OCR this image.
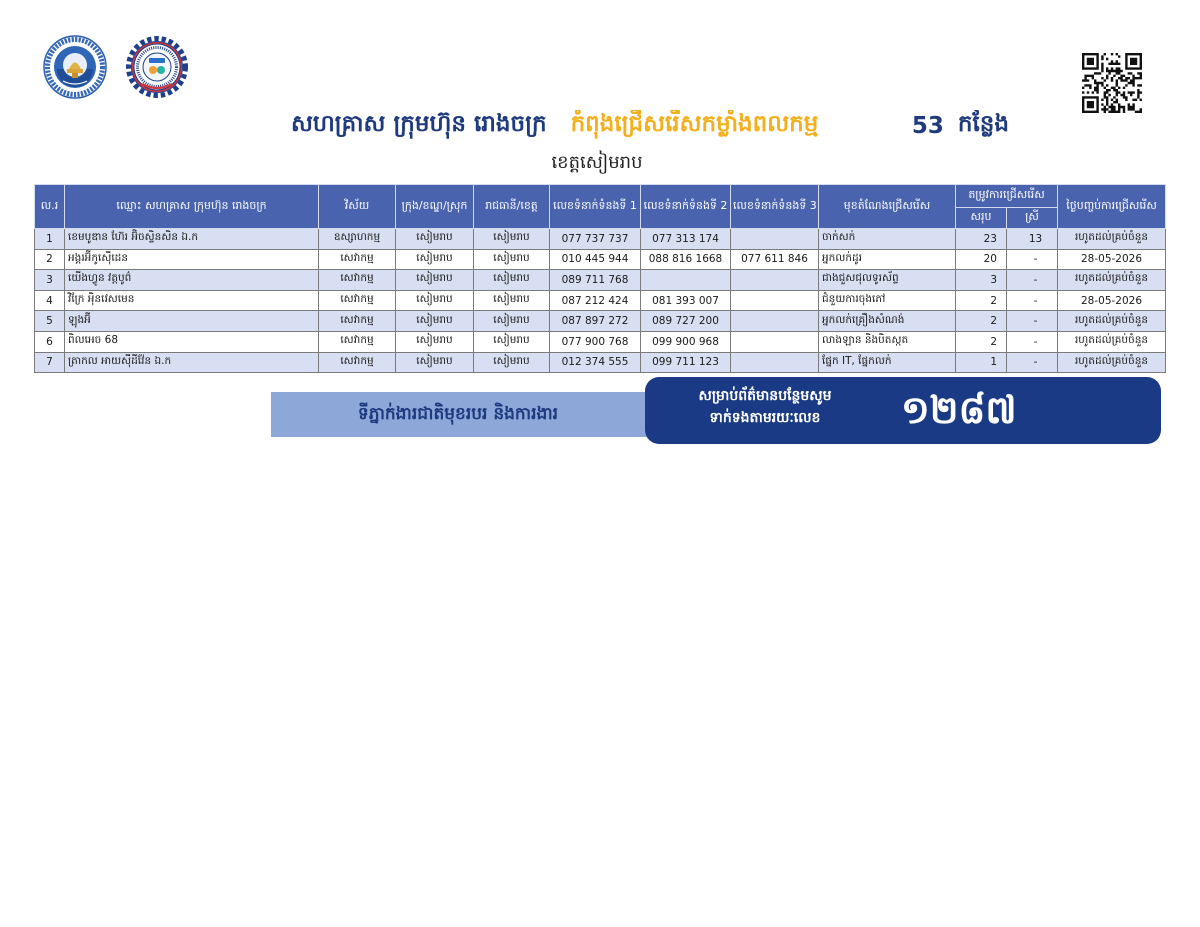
សហគ្រាស ក្រុមហ៊ុន រោងចក្រ កំពុងជ្រើសរើសកម្លាំងពលកម្ម	53 កន្លែង
ខេត្តសៀមរាប
ល.រ	ឈ្មោះ សហគ្រាស ក្រុមហ៊ុន រោងចក្រ	វិស័យ	ក្រុង/ខណ្ឌ/ស្រុក	រាជធានី/ខេត្ត	លេខទំនាក់ទំនងទី 1	លេខទំនាក់ទំនងទី 2	លេខទំនាក់ទំនងទី 3	មុខតំណែងជ្រើសរើស	តម្រូវការជ្រើសរើស		ថ្ងៃបញ្ចប់ការជ្រើសរើស
									សរុប	ស្រី	
1	ខេមបូឌាន ហ៊ែរ អ៊ិចស្ទិនសិន ឯ.ក	ឧស្សាហកម្ម	សៀមរាប	សៀមរាប	077 737 737	077 313 174		ចាក់សក់	23	13	រហូតដល់គ្រប់ចំនួន
2	អង្គរអ៊ីកូស៊ើដេន	សេវាកម្ម	សៀមរាប	សៀមរាប	010 445 944	088 816 1668	077 611 846	អ្នកលក់ដូរ	20	-	28-05-2026
3	យើងហ្វូន វត្តបូព៌	សេវាកម្ម	សៀមរាប	សៀមរាប	089 711 768			ជាងជួសជុលទូរស័ព្ទ	3	-	រហូតដល់គ្រប់ចំនួន
4	វិក្រែ អុិនវេសមេន	សេវាកម្ម	សៀមរាប	សៀមរាប	087 212 424	081 393 007		ជំនួយការចុងភៅ	2	-	28-05-2026
5	ឡុងអ៊ី	សេវាកម្ម	សៀមរាប	សៀមរាប	087 897 272	089 727 200		អ្នកលក់គ្រឿងសំណង់	2	-	រហូតដល់គ្រប់ចំនួន
6	ពិលអេច 68	សេវាកម្ម	សៀមរាប	សៀមរាប	077 900 768	099 900 968		លាងឡាន និងបិតស្កត	2	-	រហូតដល់គ្រប់ចំនួន
7	ត្រាកល អាយស៊ីដីវ៉ែន ឯ.ក	សេវាកម្ម	សៀមរាប	សៀមរាប	012 374 555	099 711 123		ផ្នែក IT, ផ្នែកលក់	1	-	រហូតដល់គ្រប់ចំនួន
ទីភ្នាក់ងារជាតិមុខរបរ និងការងារ
សម្រាប់ព័ត៌មានបន្ថែមសូម
ទាក់ទងតាមរយៈលេខ	១២៨៧
